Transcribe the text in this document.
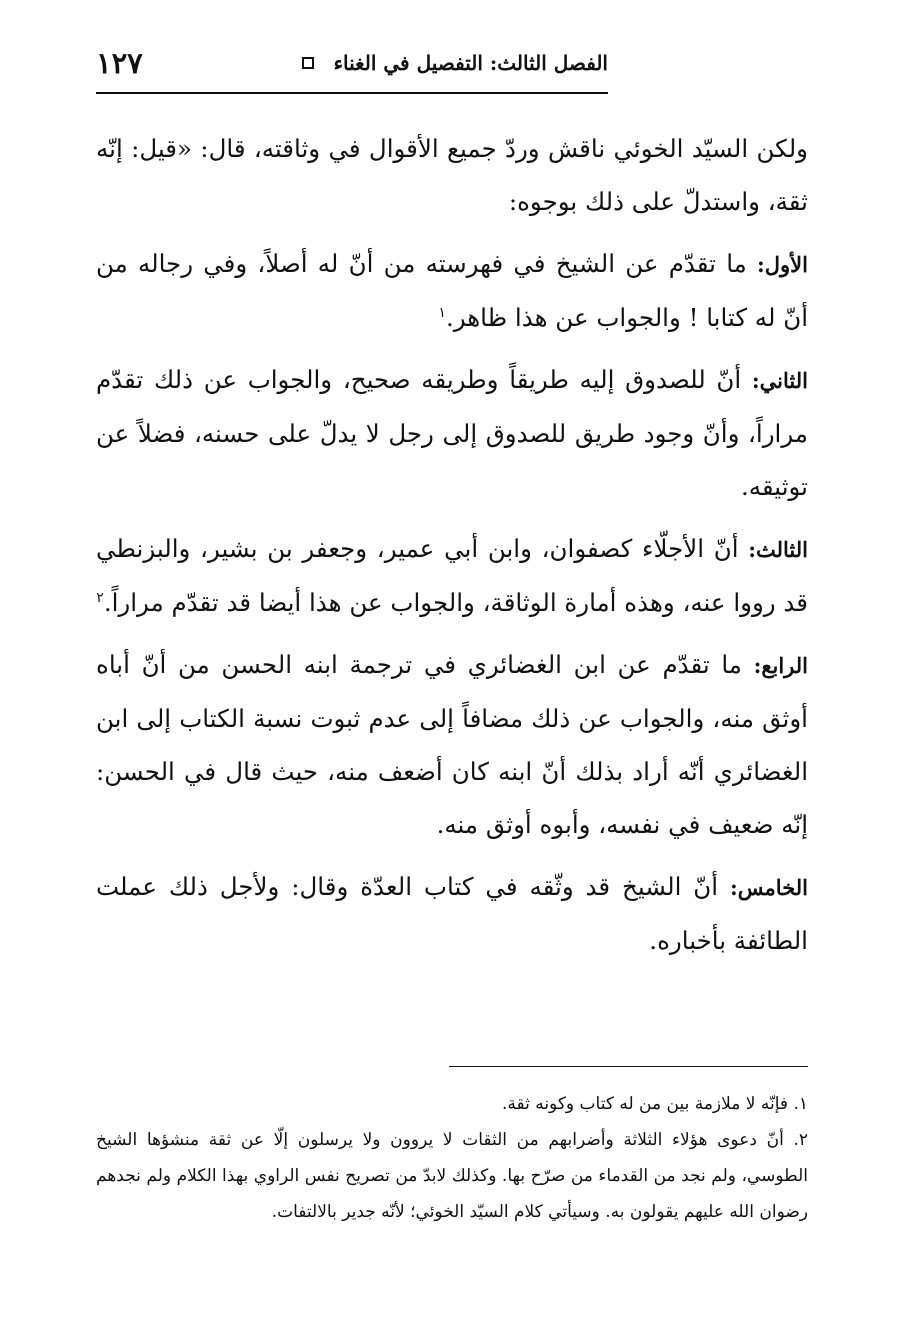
١٢٧	الفصل الثالث: التفصيل في الغناء

ولكن السيّد الخوئي ناقش وردّ جميع الأقوال في وثاقته، قال: «قيل: إنّه ثقة، واستدلّ على ذلك بوجوه:

الأول: ما تقدّم عن الشيخ في فهرسته من أنّ له أصلاً، وفي رجاله من أنّ له كتابا ! والجواب عن هذا ظاهر.$^١$

الثاني: أنّ للصدوق إليه طريقاً وطريقه صحيح، والجواب عن ذلك تقدّم مراراً، وأنّ وجود طريق للصدوق إلى رجل لا يدلّ على حسنه، فضلاً عن توثيقه.

الثالث: أنّ الأجلّاء كصفوان، وابن أبي عمير، وجعفر بن بشير، والبزنطي قد رووا عنه، وهذه أمارة الوثاقة، والجواب عن هذا أيضا قد تقدّم مراراً.$^٢$

الرابع: ما تقدّم عن ابن الغضائري في ترجمة ابنه الحسن من أنّ أباه أوثق منه، والجواب عن ذلك مضافاً إلى عدم ثبوت نسبة الكتاب إلى ابن الغضائري أنّه أراد بذلك أنّ ابنه كان أضعف منه، حيث قال في الحسن: إنّه ضعيف في نفسه، وأبوه أوثق منه.

الخامس: أنّ الشيخ قد وثّقه في كتاب العدّة وقال: ولأجل ذلك عملت الطائفة بأخباره.

١. فإنّه لا ملازمة بين من له كتاب وكونه ثقة.

٢. أنّ دعوى هؤلاء الثلاثة وأضرابهم من الثقات لا يروون ولا يرسلون إلّا عن ثقة منشؤها الشيخ الطوسي، ولم نجد من القدماء من صرّح بها. وكذلك لابدّ من تصريح نفس الراوي بهذا الكلام ولم نجدهم رضوان الله عليهم يقولون به. وسيأتي كلام السيّد الخوئي؛ لأنّه جدير بالالتفات.
